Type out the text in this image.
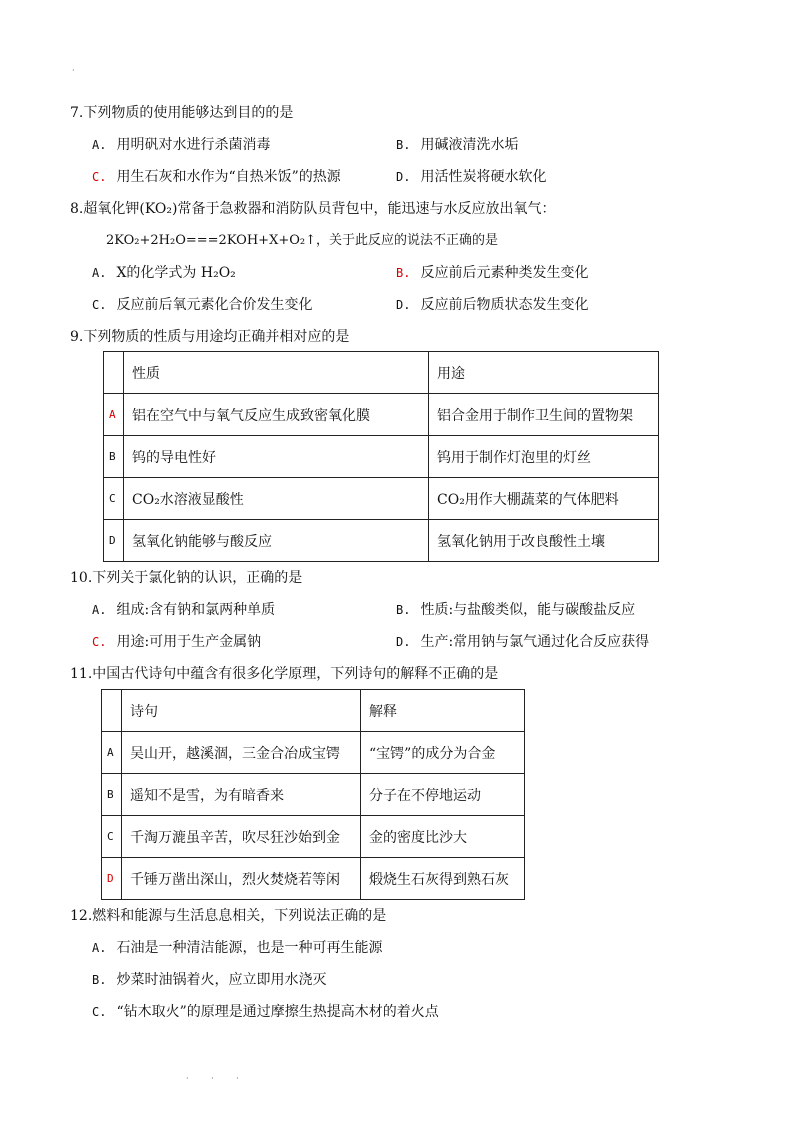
·
7.下列物质的使用能够达到目的的是
A. 用明矾对水进行杀菌消毒	B. 用碱液清洗水垢
C. 用生石灰和水作为“自热米饭”的热源	D. 用活性炭将硬水软化
8.超氧化钾(KO₂)常备于急救器和消防队员背包中，能迅速与水反应放出氧气：
2KO₂+2H₂O===2KOH+X+O₂↑，关于此反应的说法不正确的是
A. X的化学式为 H₂O₂	B. 反应前后元素种类发生变化
C. 反应前后氧元素化合价发生变化	D. 反应前后物质状态发生变化
9.下列物质的性质与用途均正确并相对应的是
	性质	用途
A	铝在空气中与氧气反应生成致密氧化膜	铝合金用于制作卫生间的置物架
B	钨的导电性好	钨用于制作灯泡里的灯丝
C	CO₂水溶液显酸性	CO₂用作大棚蔬菜的气体肥料
D	氢氧化钠能够与酸反应	氢氧化钠用于改良酸性土壤
10.下列关于氯化钠的认识，正确的是
A. 组成:含有钠和氯两种单质	B. 性质:与盐酸类似，能与碳酸盐反应
C. 用途:可用于生产金属钠	D. 生产:常用钠与氯气通过化合反应获得
11.中国古代诗句中蕴含有很多化学原理，下列诗句的解释不正确的是
	诗句	解释
A	吴山开，越溪涸，三金合冶成宝锷	“宝锷”的成分为合金
B	遥知不是雪，为有暗香来	分子在不停地运动
C	千淘万漉虽辛苦，吹尽狂沙始到金	金的密度比沙大
D	千锤万凿出深山，烈火焚烧若等闲	煅烧生石灰得到熟石灰
12.燃料和能源与生活息息相关，下列说法正确的是
A. 石油是一种清洁能源，也是一种可再生能源
B. 炒菜时油锅着火，应立即用水浇灭
C. “钻木取火”的原理是通过摩擦生热提高木材的着火点
· · ·
